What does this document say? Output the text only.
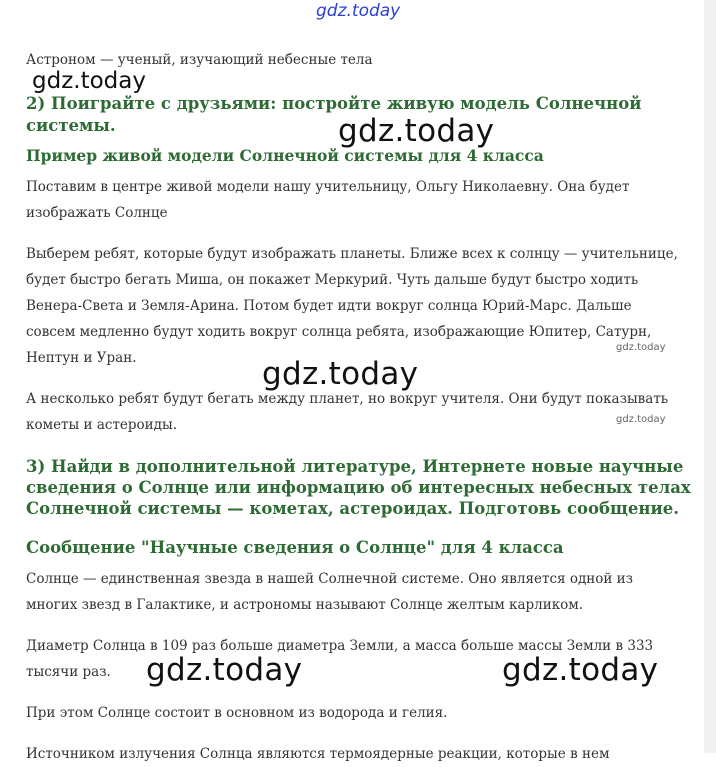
gdz.today
gdz.today
gdz.today
gdz.today
gdz.today
gdz.today
gdz.today	gdz.today
Астроном — ученый, изучающий небесные тела
2) Поиграйте с друзьями: постройте живую модель Солнечной
системы.
Пример живой модели Солнечной системы для 4 класса
Поставим в центре живой модели нашу учительницу, Ольгу Николаевну. Она будет
изображать Солнце
Выберем ребят, которые будут изображать планеты. Ближе всех к солнцу — учительнице,
будет быстро бегать Миша, он покажет Меркурий. Чуть дальше будут быстро ходить
Венера-Света и Земля-Арина. Потом будет идти вокруг солнца Юрий-Марс. Дальше
совсем медленно будут ходить вокруг солнца ребята, изображающие Юпитер, Сатурн,
Нептун и Уран.
А несколько ребят будут бегать между планет, но вокруг учителя. Они будут показывать
кометы и астероиды.
3) Найди в дополнительной литературе, Интернете новые научные
сведения о Солнце или информацию об интересных небесных телах
Солнечной системы — кометах, астероидах. Подготовь сообщение.
Сообщение "Научные сведения о Солнце" для 4 класса
Солнце — единственная звезда в нашей Солнечной системе. Оно является одной из
многих звезд в Галактике, и астрономы называют Солнце желтым карликом.
Диаметр Солнца в 109 раз больше диаметра Земли, а масса больше массы Земли в 333
тысячи раз.
При этом Солнце состоит в основном из водорода и гелия.
Источником излучения Солнца являются термоядерные реакции, которые в нем
